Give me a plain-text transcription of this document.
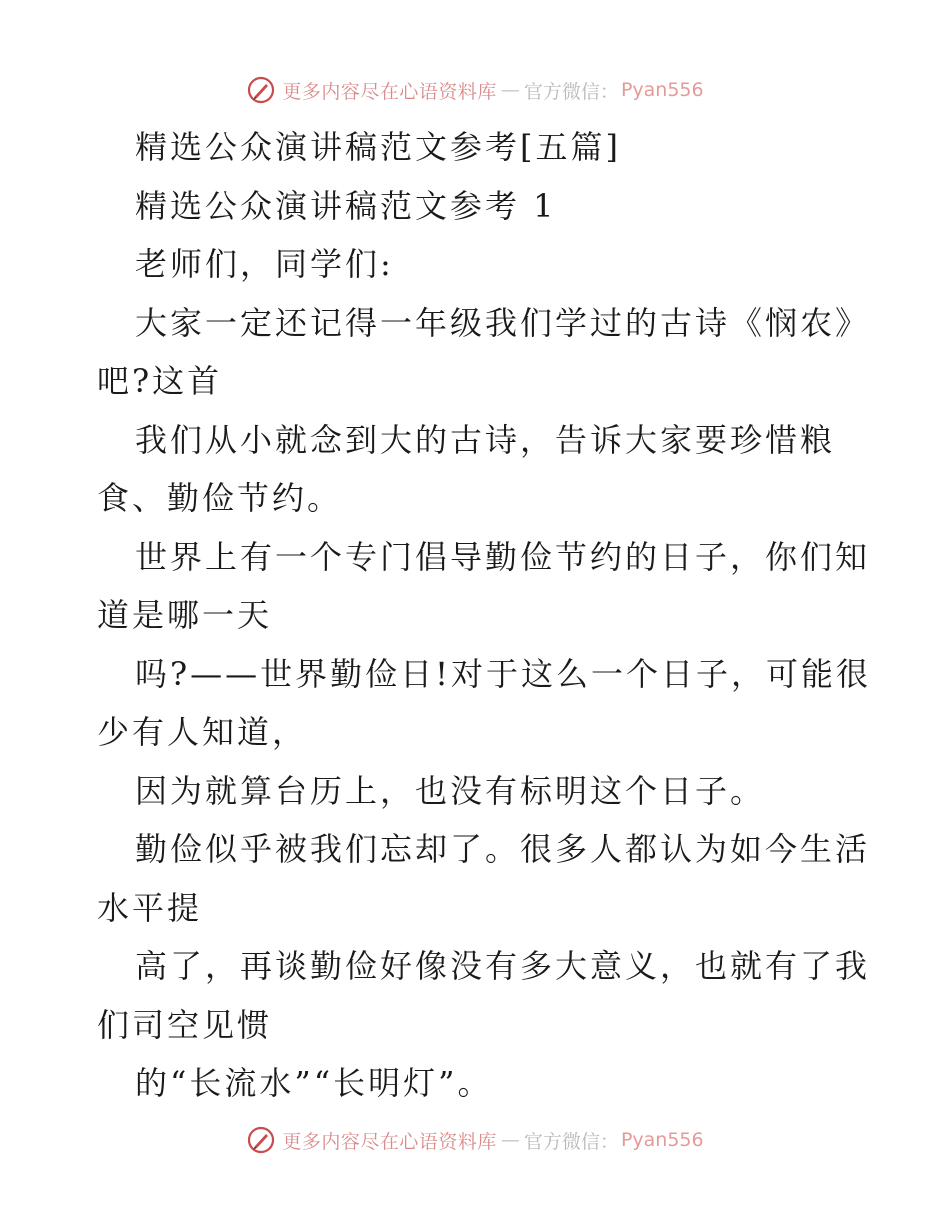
更多内容尽在心语资料库 — 官方微信： Pyan556
精选公众演讲稿范文参考[五篇]
精选公众演讲稿范文参考 1
老师们，同学们:
大家一定还记得一年级我们学过的古诗《悯农》
吧?这首
我们从小就念到大的古诗，告诉大家要珍惜粮
食、勤俭节约。
世界上有一个专门倡导勤俭节约的日子，你们知
道是哪一天
吗?——世界勤俭日!对于这么一个日子，可能很
少有人知道，
因为就算台历上，也没有标明这个日子。
勤俭似乎被我们忘却了。很多人都认为如今生活
水平提
高了，再谈勤俭好像没有多大意义，也就有了我
们司空见惯
的“长流水”“长明灯”。
更多内容尽在心语资料库 — 官方微信： Pyan556
